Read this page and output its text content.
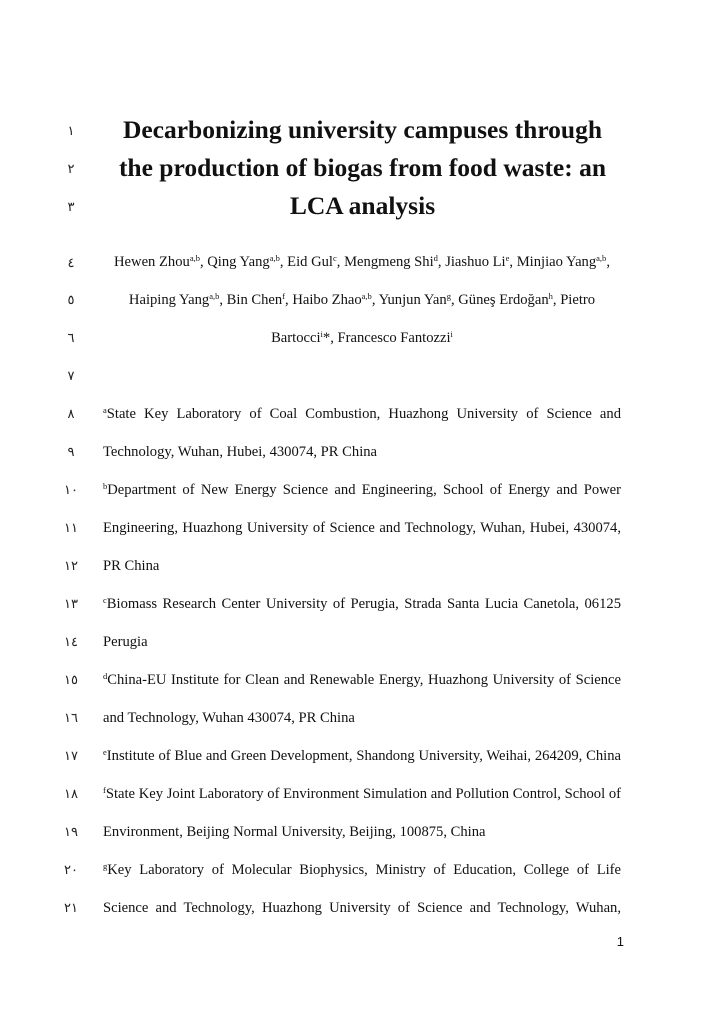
١
٢
٣
٤
٥
٦
٧
٨
٩
١٠
١١
١٢
١٣
١٤
١٥
١٦
١٧
١٨
١٩
٢٠
٢١
Decarbonizing university campuses through
the production of biogas from food waste: an
LCA analysis
Hewen Zhou$^{a,b}$, Qing Yang$^{a,b}$, Eid Gul$^c$, Mengmeng Shi$^d$, Jiashuo Li$^e$, Minjiao Yang$^{a,b}$,
Haiping Yang$^{a,b}$, Bin Chen$^f$, Haibo Zhao$^{a,b}$, Yunjun Yan$^g$, Güneş Erdoğan$^h$, Pietro
Bartocci$^i$*, Francesco Fantozzi$^i$
$^a$State Key Laboratory of Coal Combustion, Huazhong University of Science and
Technology, Wuhan, Hubei, 430074, PR China
$^b$Department of New Energy Science and Engineering, School of Energy and Power
Engineering, Huazhong University of Science and Technology, Wuhan, Hubei, 430074,
PR China
$^c$Biomass Research Center University of Perugia, Strada Santa Lucia Canetola, 06125
Perugia
$^d$China-EU Institute for Clean and Renewable Energy, Huazhong University of Science
and Technology, Wuhan 430074, PR China
$^e$Institute of Blue and Green Development, Shandong University, Weihai, 264209, China
$^f$State Key Joint Laboratory of Environment Simulation and Pollution Control, School of
Environment, Beijing Normal University, Beijing, 100875, China
$^g$Key Laboratory of Molecular Biophysics, Ministry of Education, College of Life
Science and Technology, Huazhong University of Science and Technology, Wuhan,
1
